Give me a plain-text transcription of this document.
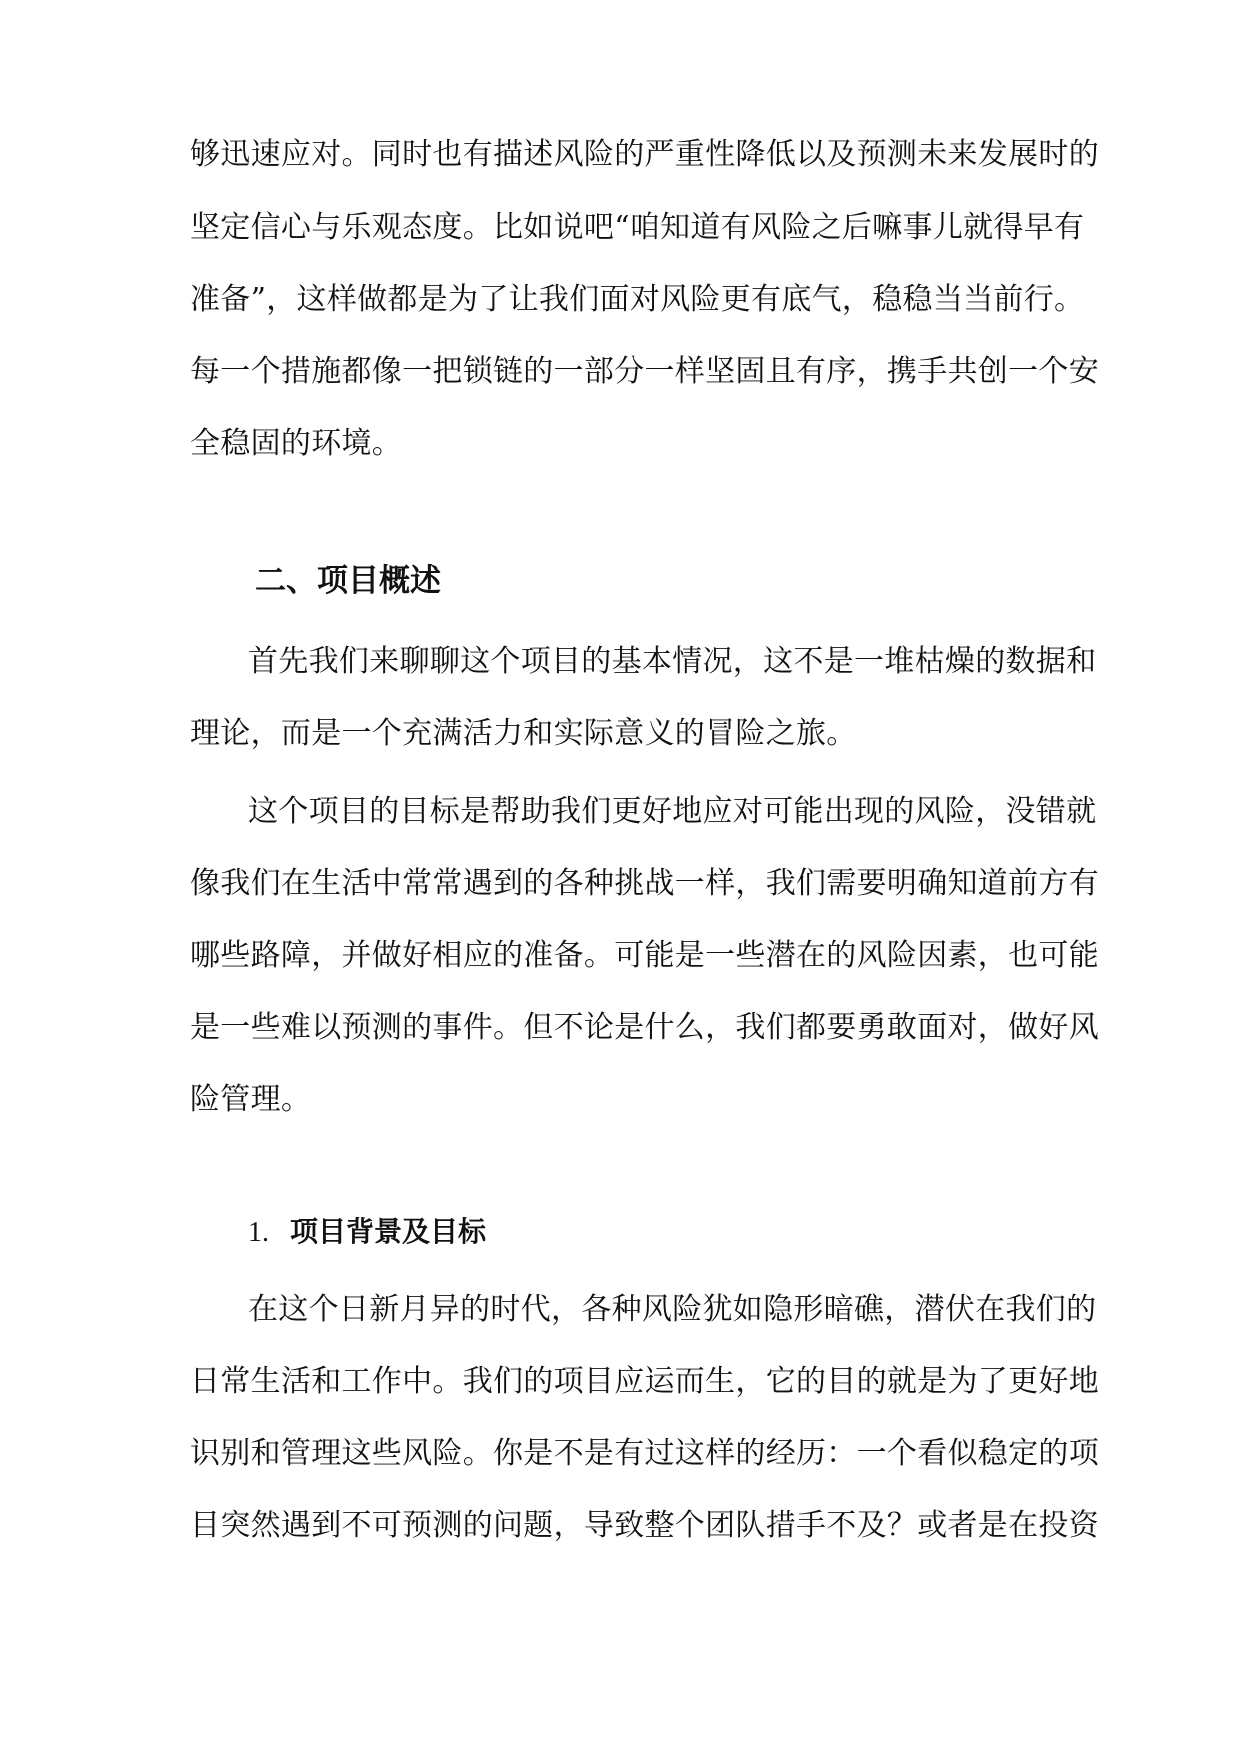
够迅速应对。同时也有描述风险的严重性降低以及预测未来发展时的
坚定信心与乐观态度。比如说吧“咱知道有风险之后嘛事儿就得早有
准备”，这样做都是为了让我们面对风险更有底气，稳稳当当前行。
每一个措施都像一把锁链的一部分一样坚固且有序，携手共创一个安
全稳固的环境。
二、项目概述
首先我们来聊聊这个项目的基本情况，这不是一堆枯燥的数据和
理论，而是一个充满活力和实际意义的冒险之旅。
这个项目的目标是帮助我们更好地应对可能出现的风险，没错就
像我们在生活中常常遇到的各种挑战一样，我们需要明确知道前方有
哪些路障，并做好相应的准备。可能是一些潜在的风险因素，也可能
是一些难以预测的事件。但不论是什么，我们都要勇敢面对，做好风
险管理。
1. 项目背景及目标
在这个日新月异的时代，各种风险犹如隐形暗礁，潜伏在我们的
日常生活和工作中。我们的项目应运而生，它的目的就是为了更好地
识别和管理这些风险。你是不是有过这样的经历：一个看似稳定的项
目突然遇到不可预测的问题，导致整个团队措手不及？或者是在投资
